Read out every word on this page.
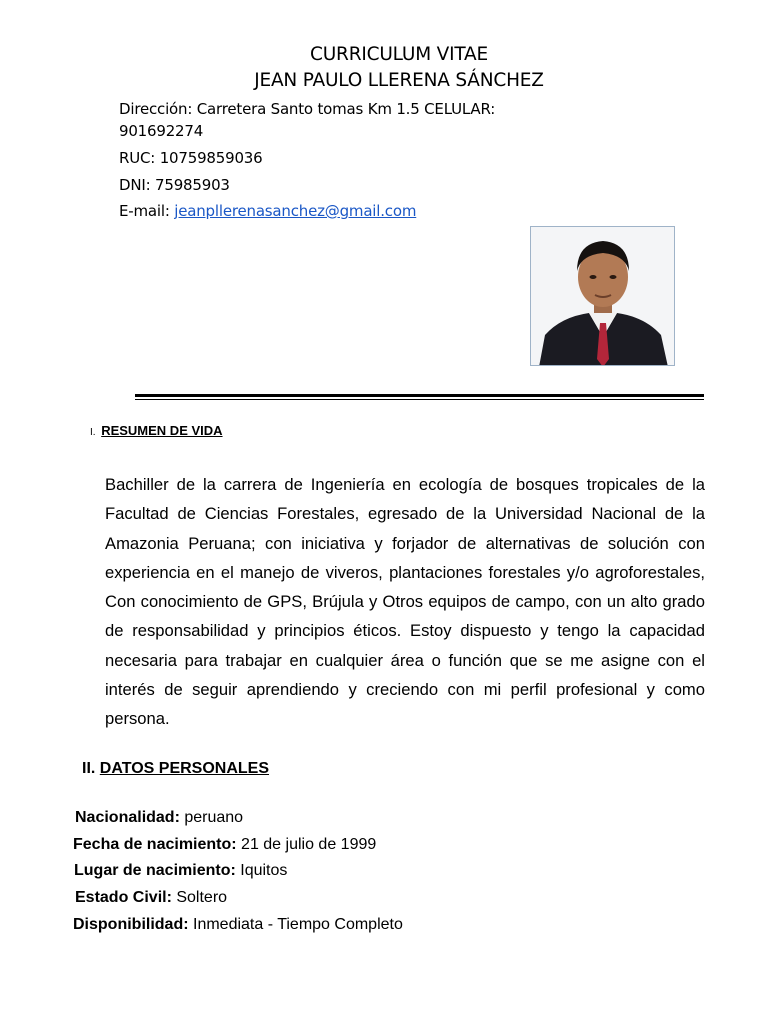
CURRICULUM VITAE
JEAN PAULO LLERENA SÁNCHEZ
Dirección: Carretera Santo tomas Km 1.5 CELULAR:
901692274
RUC: 10759859036
DNI: 75985903
E-mail: jeanpllerenasanchez@gmail.com
I. RESUMEN DE VIDA
Bachiller de la carrera de Ingeniería en ecología de bosques tropicales de la Facultad de Ciencias Forestales, egresado de la Universidad Nacional de la Amazonia Peruana; con iniciativa y forjador de alternativas de solución con experiencia en el manejo de viveros, plantaciones forestales y/o agroforestales, Con conocimiento de GPS, Brújula y Otros equipos de campo, con un alto grado de responsabilidad y principios éticos. Estoy dispuesto y tengo la capacidad necesaria para trabajar en cualquier área o función que se me asigne con el interés de seguir aprendiendo y creciendo con mi perfil profesional y como persona.
II. DATOS PERSONALES
Nacionalidad: peruano
Fecha de nacimiento: 21 de julio de 1999
Lugar de nacimiento: Iquitos
Estado Civil: Soltero
Disponibilidad: Inmediata - Tiempo Completo
